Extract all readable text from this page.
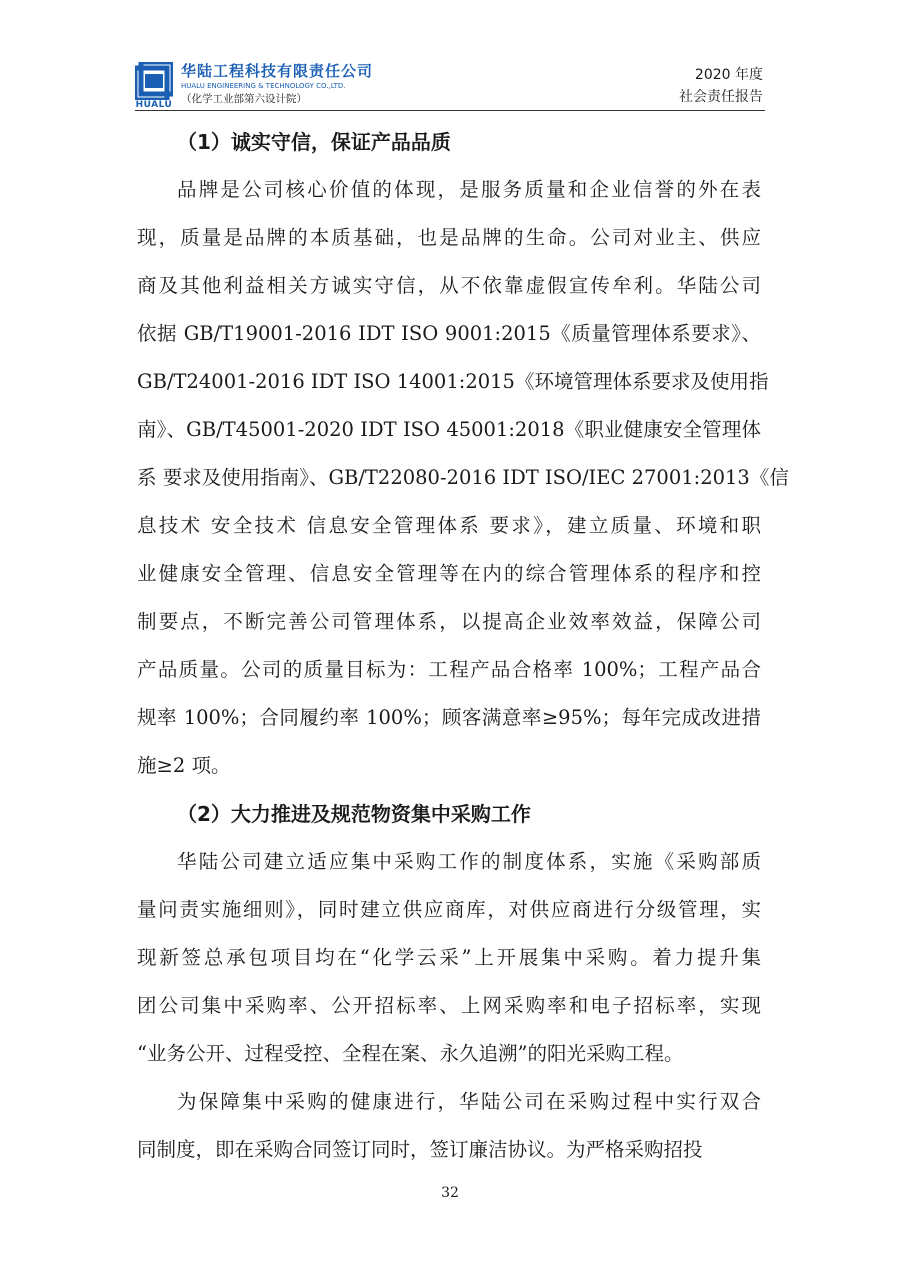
HUALU
华陆工程科技有限责任公司
HUALU ENGINEERING & TECHNOLOGY CO.,LTD.
（化学工业部第六设计院）
2020 年度
社会责任报告
（1）诚实守信，保证产品品质
品牌是公司核心价值的体现，是服务质量和企业信誉的外在表
现，质量是品牌的本质基础，也是品牌的生命。公司对业主、供应
商及其他利益相关方诚实守信，从不依靠虚假宣传牟利。华陆公司
依据 GB/T19001-2016 IDT ISO 9001:2015《质量管理体系要求》、
GB/T24001-2016 IDT ISO 14001:2015《环境管理体系要求及使用指
南》、GB/T45001-2020 IDT ISO 45001:2018《职业健康安全管理体
系 要求及使用指南》、GB/T22080-2016 IDT ISO/IEC 27001:2013《信
息技术 安全技术 信息安全管理体系 要求》，建立质量、环境和职
业健康安全管理、信息安全管理等在内的综合管理体系的程序和控
制要点，不断完善公司管理体系，以提高企业效率效益，保障公司
产品质量。公司的质量目标为：工程产品合格率 100%；工程产品合
规率 100%；合同履约率 100%；顾客满意率≥95%；每年完成改进措
施≥2 项。
（2）大力推进及规范物资集中采购工作
华陆公司建立适应集中采购工作的制度体系，实施《采购部质
量问责实施细则》，同时建立供应商库，对供应商进行分级管理，实
现新签总承包项目均在“化学云采”上开展集中采购。着力提升集
团公司集中采购率、公开招标率、上网采购率和电子招标率，实现
“业务公开、过程受控、全程在案、永久追溯”的阳光采购工程。
为保障集中采购的健康进行，华陆公司在采购过程中实行双合
同制度，即在采购合同签订同时，签订廉洁协议。为严格采购招投
32
